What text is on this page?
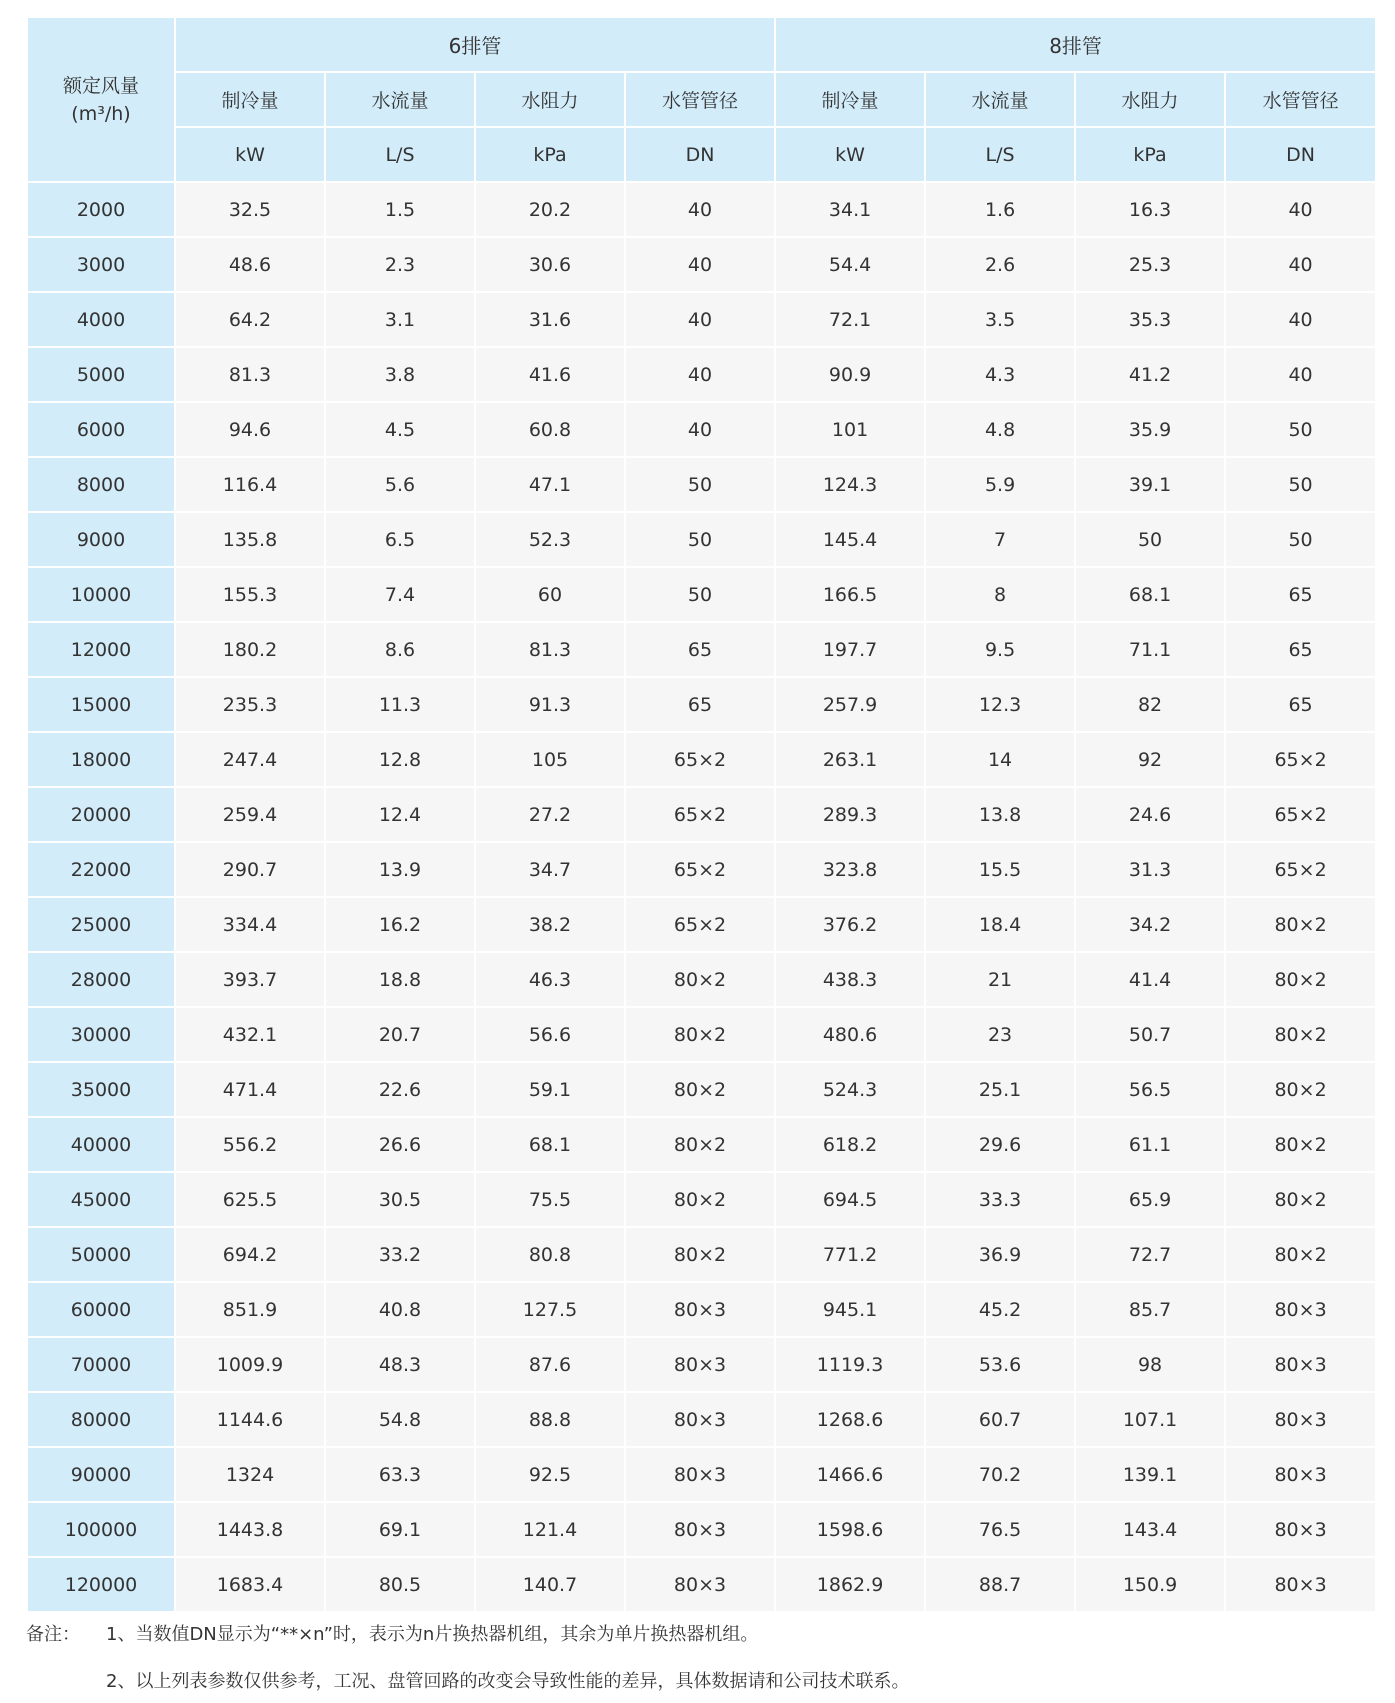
额定风量
(m³/h)	6排管				8排管			
	制冷量	水流量	水阻力	水管管径	制冷量	水流量	水阻力	水管管径
	kW	L/S	kPa	DN	kW	L/S	kPa	DN
2000	32.5	1.5	20.2	40	34.1	1.6	16.3	40
3000	48.6	2.3	30.6	40	54.4	2.6	25.3	40
4000	64.2	3.1	31.6	40	72.1	3.5	35.3	40
5000	81.3	3.8	41.6	40	90.9	4.3	41.2	40
6000	94.6	4.5	60.8	40	101	4.8	35.9	50
8000	116.4	5.6	47.1	50	124.3	5.9	39.1	50
9000	135.8	6.5	52.3	50	145.4	7	50	50
10000	155.3	7.4	60	50	166.5	8	68.1	65
12000	180.2	8.6	81.3	65	197.7	9.5	71.1	65
15000	235.3	11.3	91.3	65	257.9	12.3	82	65
18000	247.4	12.8	105	65×2	263.1	14	92	65×2
20000	259.4	12.4	27.2	65×2	289.3	13.8	24.6	65×2
22000	290.7	13.9	34.7	65×2	323.8	15.5	31.3	65×2
25000	334.4	16.2	38.2	65×2	376.2	18.4	34.2	80×2
28000	393.7	18.8	46.3	80×2	438.3	21	41.4	80×2
30000	432.1	20.7	56.6	80×2	480.6	23	50.7	80×2
35000	471.4	22.6	59.1	80×2	524.3	25.1	56.5	80×2
40000	556.2	26.6	68.1	80×2	618.2	29.6	61.1	80×2
45000	625.5	30.5	75.5	80×2	694.5	33.3	65.9	80×2
50000	694.2	33.2	80.8	80×2	771.2	36.9	72.7	80×2
60000	851.9	40.8	127.5	80×3	945.1	45.2	85.7	80×3
70000	1009.9	48.3	87.6	80×3	1119.3	53.6	98	80×3
80000	1144.6	54.8	88.8	80×3	1268.6	60.7	107.1	80×3
90000	1324	63.3	92.5	80×3	1466.6	70.2	139.1	80×3
100000	1443.8	69.1	121.4	80×3	1598.6	76.5	143.4	80×3
120000	1683.4	80.5	140.7	80×3	1862.9	88.7	150.9	80×3
备注：	1、当数值DN显示为“**×n”时，表示为n片换热器机组，其余为单片换热器机组。
2、以上列表参数仅供参考，工况、盘管回路的改变会导致性能的差异，具体数据请和公司技术联系。
